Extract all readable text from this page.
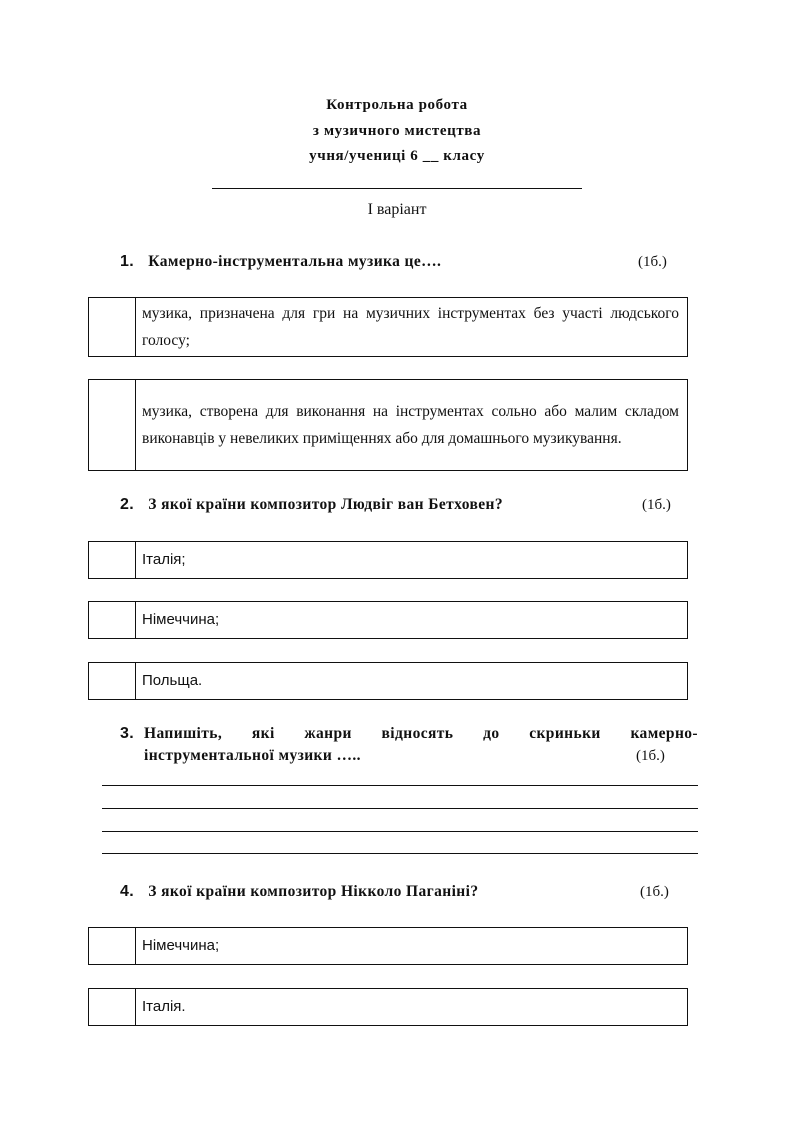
Контрольна робота
з музичного мистецтва
учня/учениці 6 __ класу
І варіант
1. Камерно-інструментальна музика це….	(1б.)
музика, призначена для гри на музичних інструментах без участі людського голосу;
музика, створена для виконання на інструментах сольно або малим складом виконавців у невеликих приміщеннях або для домашнього музикування.
2. З якої країни композитор Людвіг ван Бетховен?	(1б.)
Італія;
Німеччина;
Польща.
3. Напишіть, які жанри відносять до скриньки камерно-
інструментальної музики …..	(1б.)
4. З якої країни композитор Нікколо Паганіні?	(1б.)
Німеччина;
Італія.
